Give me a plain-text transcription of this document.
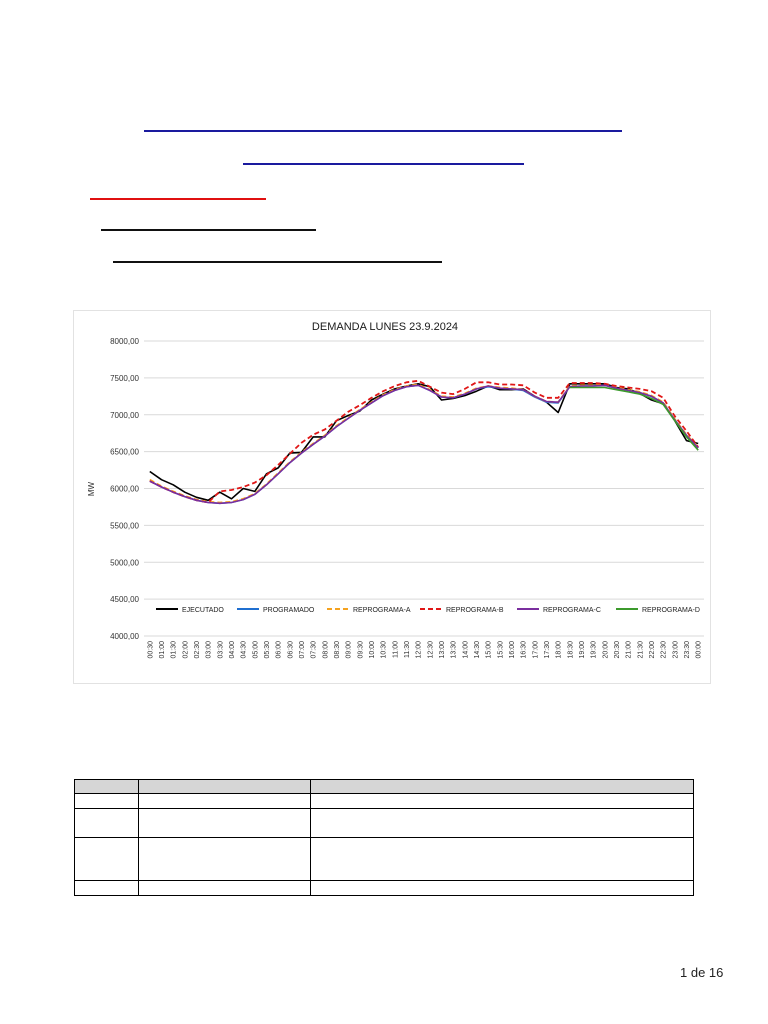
DEMANDA LUNES 23.9.2024
8000,00
7500,00
7000,00
6500,00
6000,00
5500,00
5000,00
4500,00
4000,00
MW
00:30 01:00 01:30 02:00 02:30 03:00 03:30 04:00 04:30 05:00 05:30 06:00 06:30 07:00 07:30 08:00 08:30 09:00 09:30 10:00 10:30 11:00 11:30 12:00 12:30 13:00 13:30 14:00 14:30 15:00 15:30 16:00 16:30 17:00 17:30 18:00 18:30 19:00 19:30 20:00 20:30 21:00 21:30 22:00 22:30 23:00 23:30 00:00
EJECUTADO	PROGRAMADO	REPROGRAMA-A	REPROGRAMA-B	REPROGRAMA-C	REPROGRAMA-D

1 de 16
